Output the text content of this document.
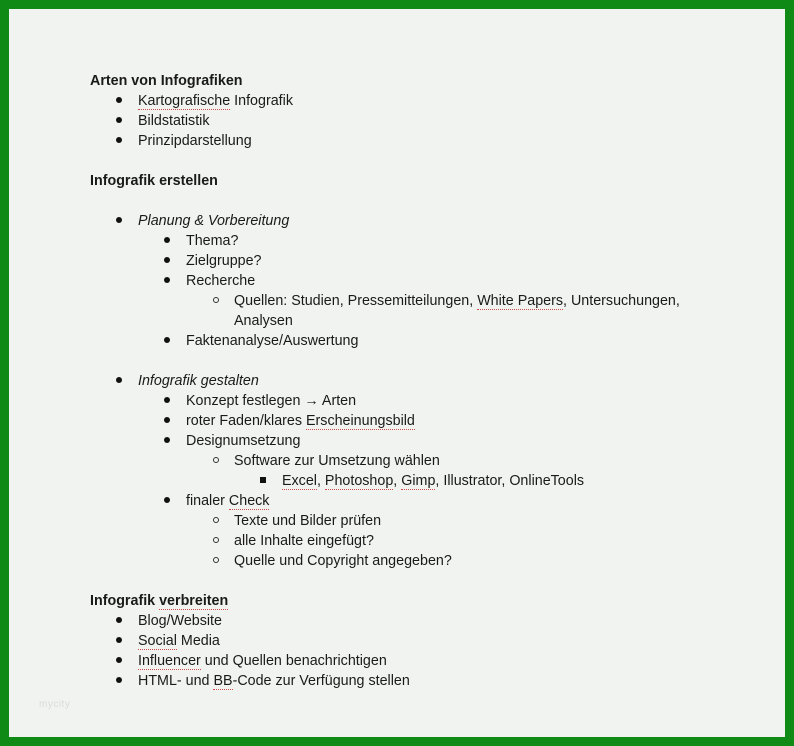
Arten von Infografiken
Kartografische Infografik
Bildstatistik
Prinzipdarstellung
Infografik erstellen
Planung & Vorbereitung
Thema?
Zielgruppe?
Recherche
Quellen: Studien, Pressemitteilungen, White Papers, Untersuchungen,
Analysen
Faktenanalyse/Auswertung
Infografik gestalten
Konzept festlegen → Arten
roter Faden/klares Erscheinungsbild
Designumsetzung
Software zur Umsetzung wählen
Excel, Photoshop, Gimp, Illustrator, OnlineTools
finaler Check
Texte und Bilder prüfen
alle Inhalte eingefügt?
Quelle und Copyright angegeben?
Infografik verbreiten
Blog/Website
Social Media
Influencer und Quellen benachrichtigen
HTML- und BB-Code zur Verfügung stellen
mycity
